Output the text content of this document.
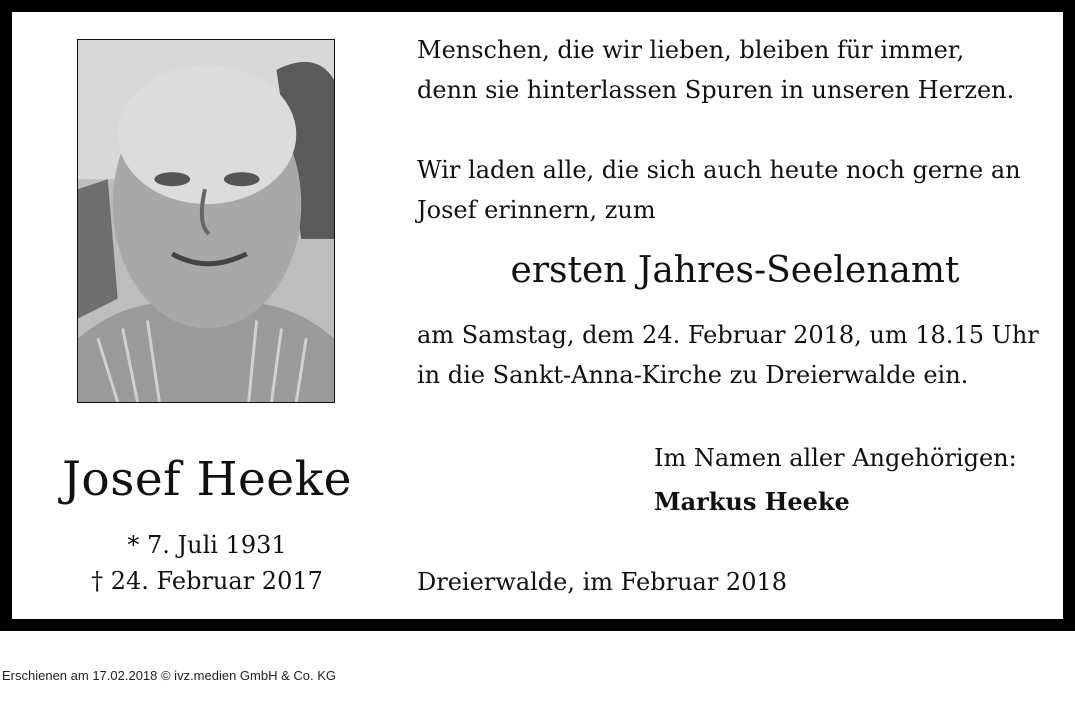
Menschen, die wir lieben, bleiben für immer,
denn sie hinterlassen Spuren in unseren Herzen.
Wir laden alle, die sich auch heute noch gerne an
Josef erinnern, zum
ersten Jahres-Seelenamt
am Samstag, dem 24. Februar 2018, um 18.15 Uhr
in die Sankt-Anna-Kirche zu Dreierwalde ein.
Im Namen aller Angehörigen:
Markus Heeke
Josef Heeke
* 7. Juli 1931
† 24. Februar 2017	Dreierwalde, im Februar 2018
Erschienen am 17.02.2018 © ivz.medien GmbH & Co. KG
